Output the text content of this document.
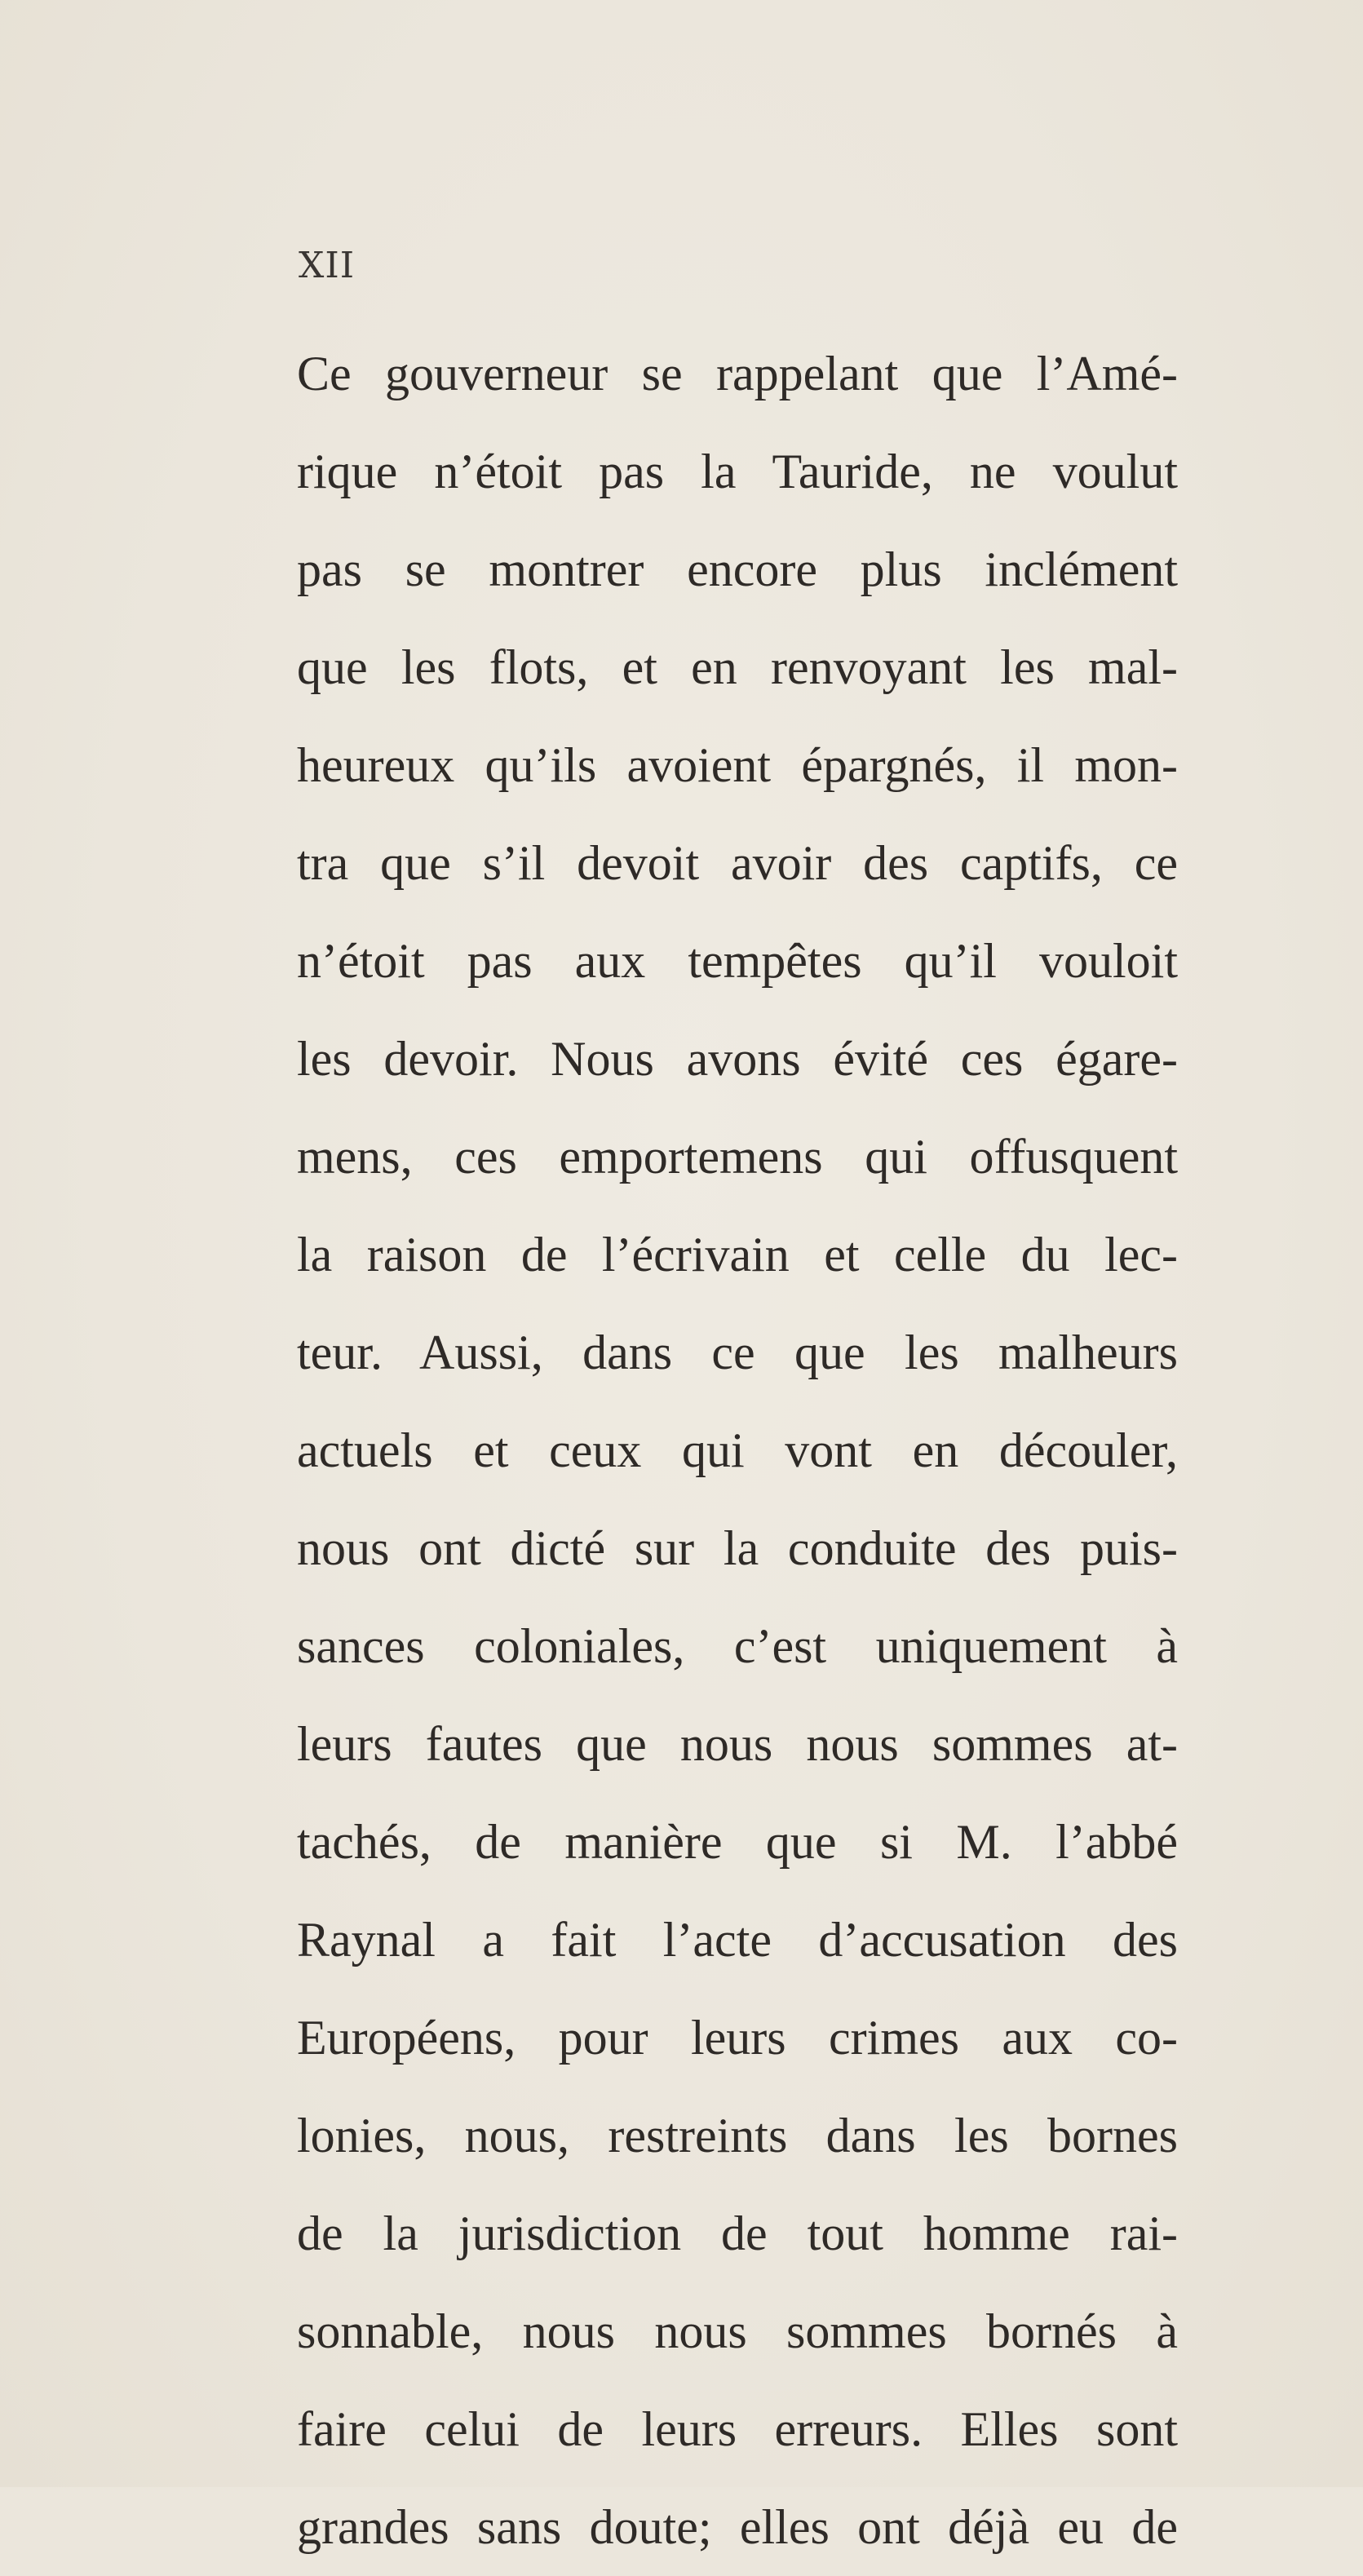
XII
Ce gouverneur se rappelant que l’Amé-
rique n’étoit pas la Tauride, ne voulut
pas se montrer encore plus inclément
que les flots, et en renvoyant les mal-
heureux qu’ils avoient épargnés, il mon-
tra que s’il devoit avoir des captifs, ce
n’étoit pas aux tempêtes qu’il vouloit
les devoir. Nous avons évité ces égare-
mens, ces emportemens qui offusquent
la raison de l’écrivain et celle du lec-
teur. Aussi, dans ce que les malheurs
actuels et ceux qui vont en découler,
nous ont dicté sur la conduite des puis-
sances coloniales, c’est uniquement à
leurs fautes que nous nous sommes at-
tachés, de manière que si M. l’abbé
Raynal a fait l’acte d’accusation des
Européens, pour leurs crimes aux co-
lonies, nous, restreints dans les bornes
de la jurisdiction de tout homme rai-
sonnable, nous nous sommes bornés à
faire celui de leurs erreurs. Elles sont
grandes sans doute; elles ont déjà eu de
